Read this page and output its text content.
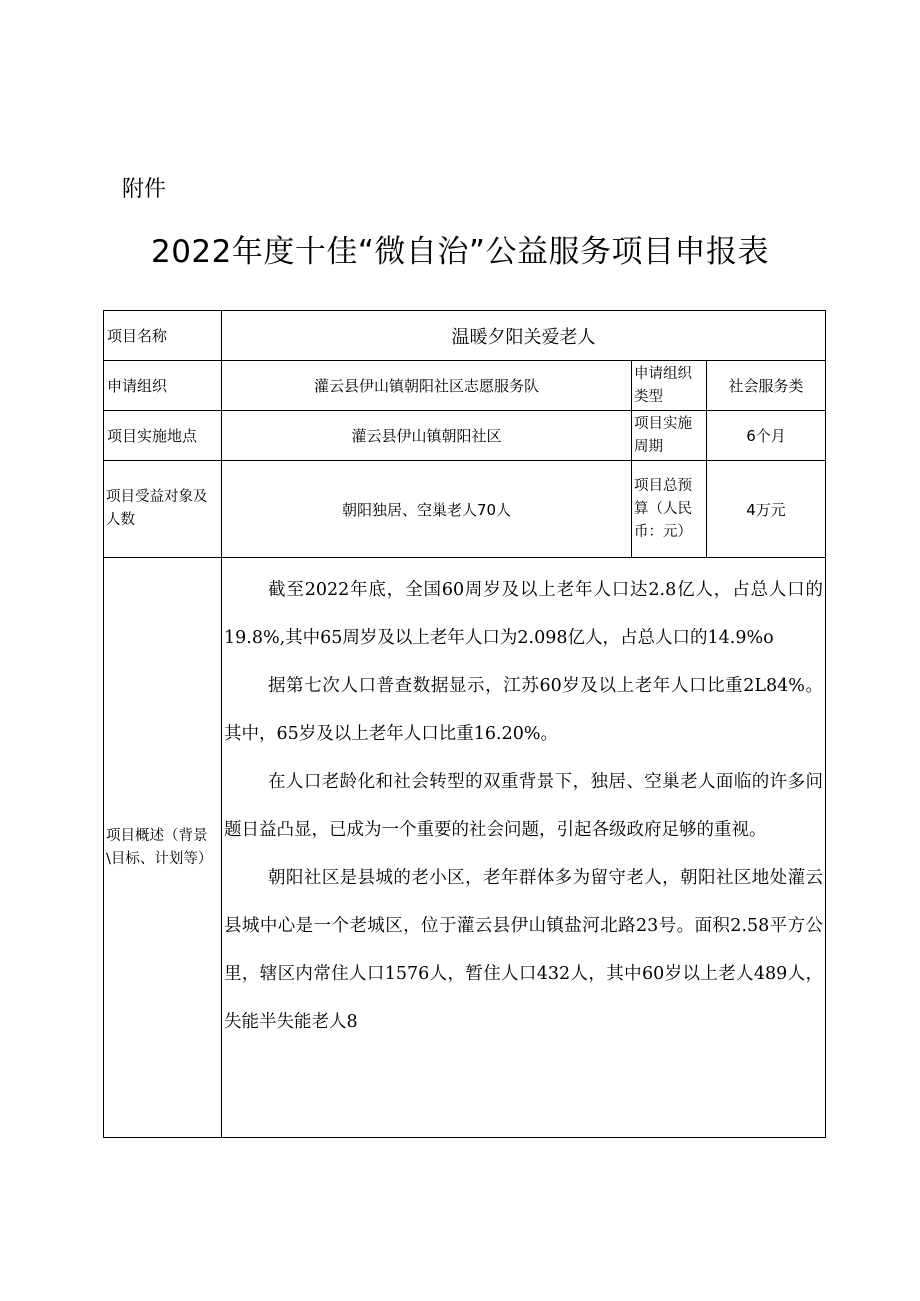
附件
2022年度十佳“微自治”公益服务项目申报表
项目名称	温暖夕阳关爱老人		
申请组织	灌云县伊山镇朝阳社区志愿服务队	申请组织类型	社会服务类
项目实施地点	灌云县伊山镇朝阳社区	项目实施周期	6个月
项目受益对象及人数	朝阳独居、空巢老人70人	项目总预算（人民币：元）	4万元
项目概述（背景\目标、计划等）	截至2022年底，全国60周岁及以上老年人口达2.8亿人，占总人口的19.8%,其中65周岁及以上老年人口为2.098亿人，占总人口的14.9%o

据第七次人口普查数据显示，江苏60岁及以上老年人口比重2L84%。其中，65岁及以上老年人口比重16.20%。

在人口老龄化和社会转型的双重背景下，独居、空巢老人面临的许多问题日益凸显，已成为一个重要的社会问题，引起各级政府足够的重视。

朝阳社区是县城的老小区，老年群体多为留守老人，朝阳社区地处灌云县城中心是一个老城区，位于灌云县伊山镇盐河北路23号。面积2.58平方公里，辖区内常住人口1576人，暂住人口432人，其中60岁以上老人489人，失能半失能老人8		
